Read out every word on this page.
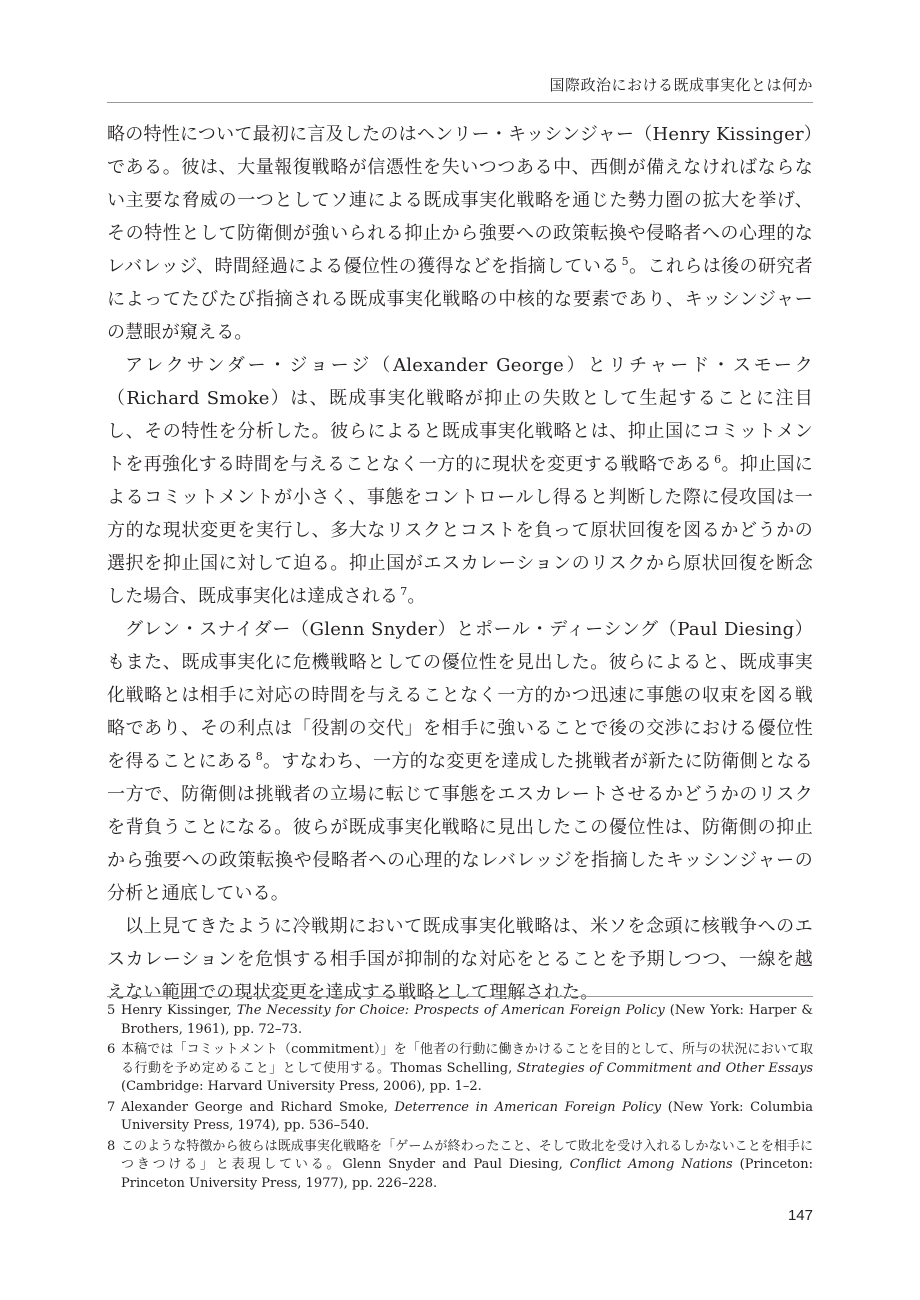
国際政治における既成事実化とは何か

略の特性について最初に言及したのはヘンリー・キッシンジャー（Henry Kissinger）である。彼は、大量報復戦略が信憑性を失いつつある中、西側が備えなければならない主要な脅威の一つとしてソ連による既成事実化戦略を通じた勢力圏の拡大を挙げ、その特性として防衛側が強いられる抑止から強要への政策転換や侵略者への心理的なレバレッジ、時間経過による優位性の獲得などを指摘している $^5$。これらは後の研究者によってたびたび指摘される既成事実化戦略の中核的な要素であり、キッシンジャーの慧眼が窺える。

アレクサンダー・ジョージ（Alexander George）とリチャード・スモーク（Richard Smoke）は、既成事実化戦略が抑止の失敗として生起することに注目し、その特性を分析した。彼らによると既成事実化戦略とは、抑止国にコミットメントを再強化する時間を与えることなく一方的に現状を変更する戦略である $^6$。抑止国によるコミットメントが小さく、事態をコントロールし得ると判断した際に侵攻国は一方的な現状変更を実行し、多大なリスクとコストを負って原状回復を図るかどうかの選択を抑止国に対して迫る。抑止国がエスカレーションのリスクから原状回復を断念した場合、既成事実化は達成される $^7$。

グレン・スナイダー（Glenn Snyder）とポール・ディーシング（Paul Diesing）もまた、既成事実化に危機戦略としての優位性を見出した。彼らによると、既成事実化戦略とは相手に対応の時間を与えることなく一方的かつ迅速に事態の収束を図る戦略であり、その利点は「役割の交代」を相手に強いることで後の交渉における優位性を得ることにある $^8$。すなわち、一方的な変更を達成した挑戦者が新たに防衛側となる一方で、防衛側は挑戦者の立場に転じて事態をエスカレートさせるかどうかのリスクを背負うことになる。彼らが既成事実化戦略に見出したこの優位性は、防衛側の抑止から強要への政策転換や侵略者への心理的なレバレッジを指摘したキッシンジャーの分析と通底している。

以上見てきたように冷戦期において既成事実化戦略は、米ソを念頭に核戦争へのエスカレーションを危惧する相手国が抑制的な対応をとることを予期しつつ、一線を越えない範囲での現状変更を達成する戦略として理解された。

5 Henry Kissinger, The Necessity for Choice: Prospects of American Foreign Policy (New York: Harper & Brothers, 1961), pp. 72–73.
6 本稿では「コミットメント（commitment）」を「他者の行動に働きかけることを目的として、所与の状況において取る行動を予め定めること」として使用する。Thomas Schelling, Strategies of Commitment and Other Essays (Cambridge: Harvard University Press, 2006), pp. 1–2.
7 Alexander George and Richard Smoke, Deterrence in American Foreign Policy (New York: Columbia University Press, 1974), pp. 536–540.
8 このような特徴から彼らは既成事実化戦略を「ゲームが終わったこと、そして敗北を受け入れるしかないことを相手につきつける」と表現している。Glenn Snyder and Paul Diesing, Conflict Among Nations (Princeton: Princeton University Press, 1977), pp. 226–228.
147
